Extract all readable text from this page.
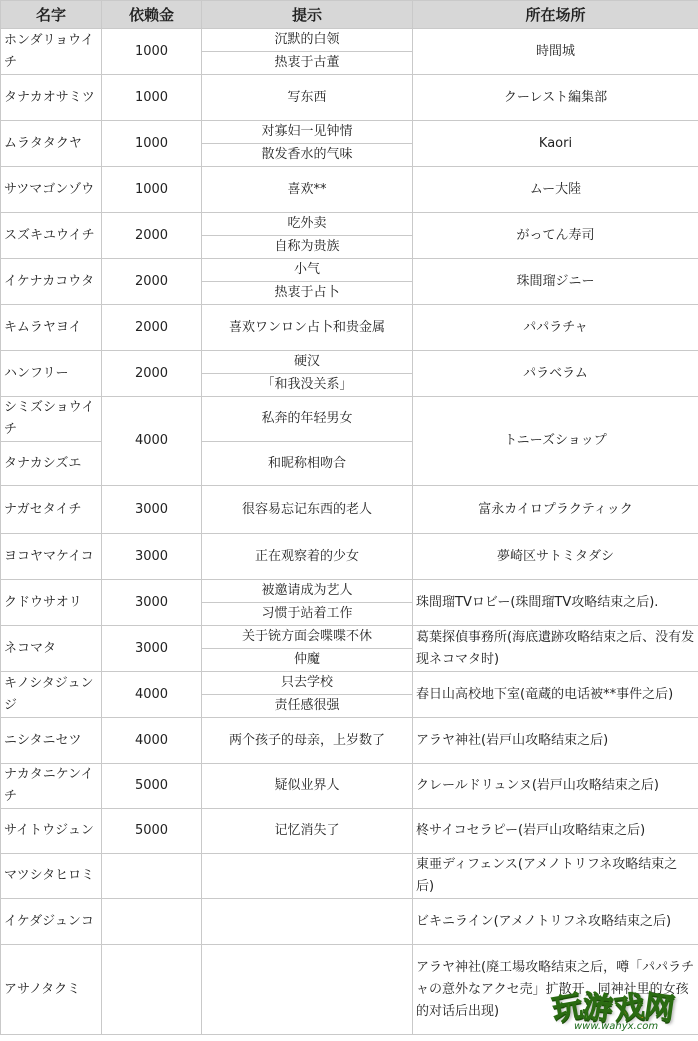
名字	依赖金	提示	所在场所
ホンダリョウイチ	1000	沉默的白领	時間城
		热衷于古董	
タナカオサミツ	1000	写东西	クーレスト編集部
ムラタタクヤ	1000	对寡妇一见钟情	Kaori
		散发香水的气味	
サツマゴンゾウ	1000	喜欢**	ムー大陸
スズキユウイチ	2000	吃外卖	がってん寿司
		自称为贵族	
イケナカコウタ	2000	小气	珠間瑠ジニー
		热衷于占卜	
キムラヤヨイ	2000	喜欢ワンロン占卜和贵金属	パパラチャ
ハンフリー	2000	硬汉	パラベラム
		「和我没关系」	
シミズショウイチ	4000	私奔的年轻男女	トニーズショップ
タナカシズエ		和昵称相吻合	
ナガセタイチ	3000	很容易忘记东西的老人	富永カイロプラクティック
ヨコヤマケイコ	3000	正在观察着的少女	夢崎区サトミタダシ
クドウサオリ	3000	被邀请成为艺人	珠間瑠TVロビー(珠間瑠TV攻略结束之后).
		习惯于站着工作	
ネコマタ	3000	关于铳方面会喋喋不休	葛葉探偵事務所(海底遺跡攻略结束之后、没有发现ネコマタ时)
		仲魔	
キノシタジュンジ	4000	只去学校	春日山高校地下室(竜蔵的电话被**事件之后)
		责任感很强	
ニシタニセツ	4000	两个孩子的母亲，上岁数了	アラヤ神社(岩戸山攻略结束之后)
ナカタニケンイチ	5000	疑似业界人	クレールドリュンヌ(岩戸山攻略结束之后)
サイトウジュン	5000	记忆消失了	柊サイコセラピー(岩戸山攻略结束之后)
マツシタヒロミ			東亜ディフェンス(アメノトリフネ攻略结束之后)
イケダジュンコ			ビキニライン(アメノトリフネ攻略结束之后)
アサノタクミ			アラヤ神社(廃工場攻略结束之后，噂「パパラチャの意外なアクセ売」扩散开，同神社里的女孩的对话后出现) 玩游戏网
www.wanyx.com
